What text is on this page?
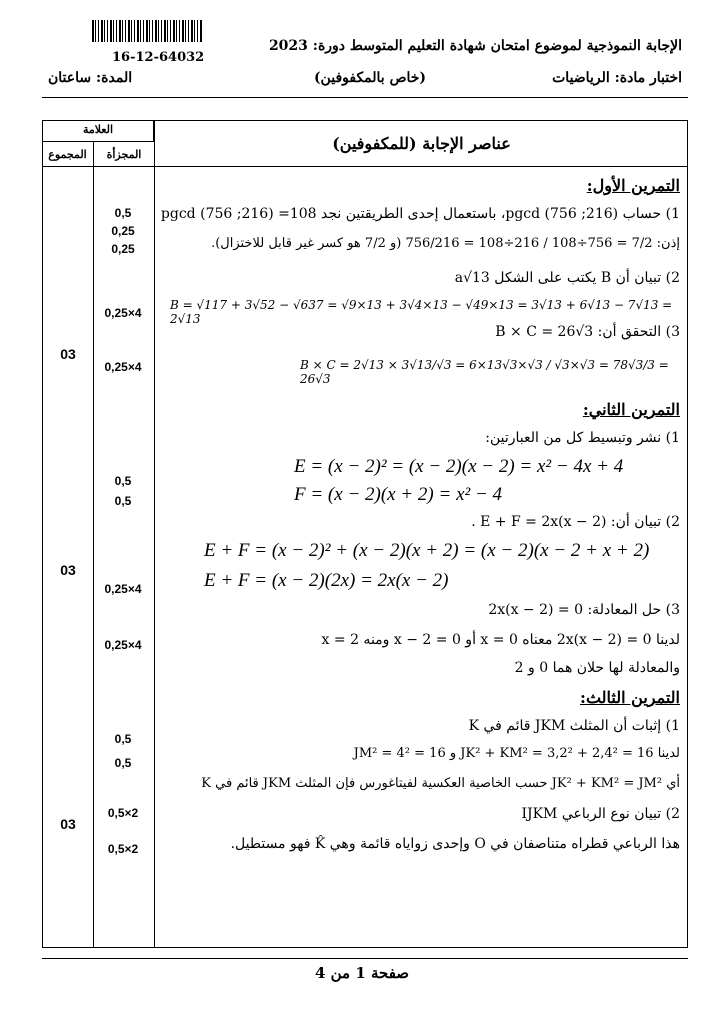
16-12-64032
الإجابة النموذجية لموضوع امتحان شهادة التعليم المتوسط دورة: 2023
اختبار مادة: الرياضيات
(خاص بالمكفوفين)
المدة: ساعتان
العلامة
المجزأة
المجموع
عناصر الإجابة (للمكفوفين)
التمرين الأول:
1) حساب (216; 756) pgcd، باستعمال إحدى الطريقتين نجد 108= (216; 756) pgcd
إذن: 7/2 = 756÷108 / 216÷108 = 756/216 (و 7/2 هو كسر غير قابل للاختزال).
2) تبيان أن B يكتب على الشكل a√13
B = √117 + 3√52 − √637 = √9×13 + 3√4×13 − √49×13 = 3√13 + 6√13 − 7√13 = 2√13
3) التحقق أن: B × C = 26√3
B × C = 2√13 × 3√13/√3 = 6×13√3×√3 / √3×√3 = 78√3/3 = 26√3
0,5
0,25
0,25
0,25×4
0,25×4
03
التمرين الثاني:
1) نشر وتبسيط كل من العبارتين:
E = (x − 2)² = (x − 2)(x − 2) = x² − 4x + 4
F = (x − 2)(x + 2) = x² − 4
2) تبيان أن: E + F = 2x(x − 2) .
E + F = (x − 2)² + (x − 2)(x + 2) = (x − 2)(x − 2 + x + 2)
E + F = (x − 2)(2x) = 2x(x − 2)
3) حل المعادلة: 2x(x − 2) = 0
لدينا 2x(x − 2) = 0 معناه x = 0 أو x − 2 = 0 ومنه x = 2
والمعادلة لها حلان هما 0 و 2
0,5
0,5
0,25×4
0,25×4
03
التمرين الثالث:
1) إثبات أن المثلث JKM قائم في K
لدينا JK² + KM² = 3,2² + 2,4² = 16 و JM² = 4² = 16
أي JK² + KM² = JM² حسب الخاصية العكسية لفيتاغورس فإن المثلث JKM قائم في K
2) تبيان نوع الرباعي IJKM
هذا الرباعي قطراه متناصفان في O وإحدى زواياه قائمة وهي K̂ فهو مستطيل.
0,5
0,5
0,5×2
0,5×2
03
صفحة 1 من 4
